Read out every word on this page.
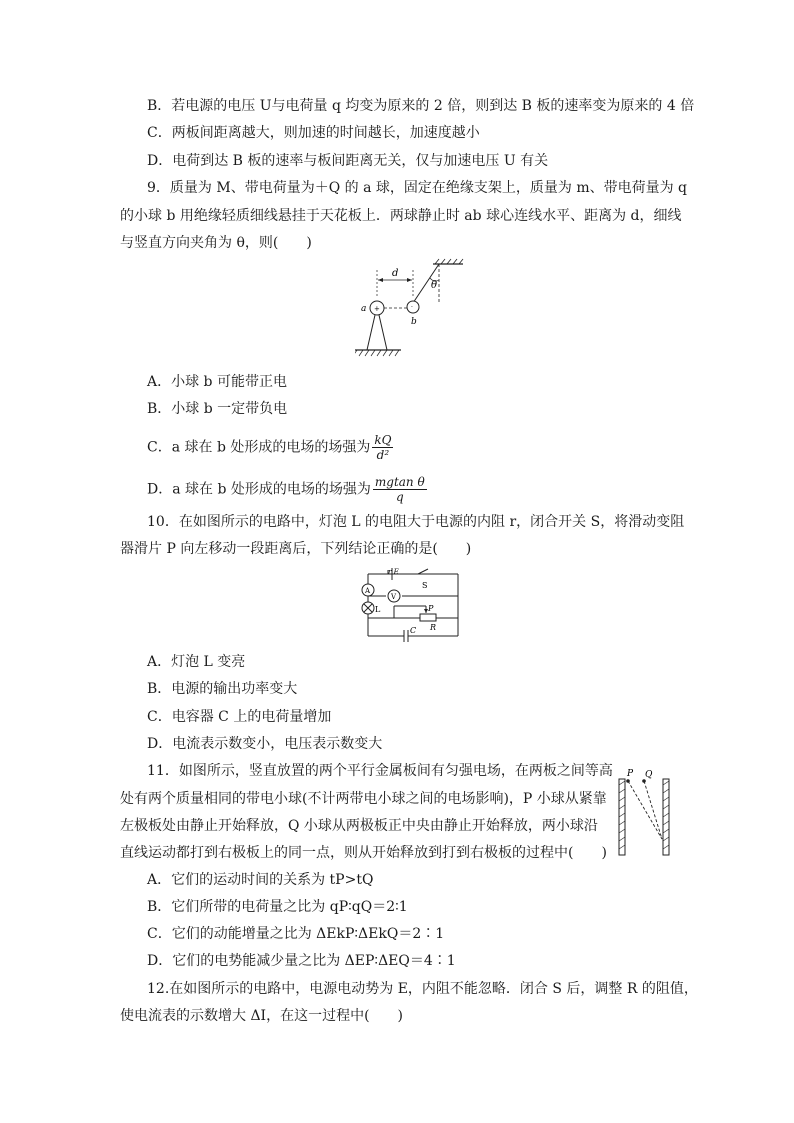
B．若电源的电压 U与电荷量 q 均变为原来的 2 倍，则到达 B 板的速率变为原来的 4 倍
C．两板间距离越大，则加速的时间越长，加速度越小
D．电荷到达 B 板的速率与板间距离无关，仅与加速电压 U 有关
9．质量为 M、带电荷量为＋Q 的 a 球，固定在绝缘支架上，质量为 m、带电荷量为 q
的小球 b 用绝缘轻质细线悬挂于天花板上．两球静止时 ab 球心连线水平、距离为 d，细线
与竖直方向夹角为 θ，则(　　)
θ
d
+	·
a
b
A．小球 b 可能带正电
B．小球 b 一定带负电
C．a 球在 b 处形成的电场的场强为 $\frac{kQ}{\text{d²}}$
D．a 球在 b 处形成的电场的场强为 $\frac{\text{mgtan θ}}{q}$
10．在如图所示的电路中，灯泡 L 的电阻大于电源的内阻 r，闭合开关 S，将滑动变阻
器滑片 P 向左移动一段距离后，下列结论正确的是(　　)
r E
S
A
V
L	P
R
C
A．灯泡 L 变亮
B．电源的输出功率变大
C．电容器 C 上的电荷量增加
D．电流表示数变小，电压表示数变大
11．如图所示，竖直放置的两个平行金属板间有匀强电场，在两板之间等高
处有两个质量相同的带电小球(不计两带电小球之间的电场影响)，P 小球从紧靠
左极板处由静止开始释放，Q 小球从两极板正中央由静止开始释放，两小球沿
直线运动都打到右极板上的同一点，则从开始释放到打到右极板的过程中(　　)
P Q
A．它们的运动时间的关系为 tP>tQ
B．它们所带的电荷量之比为 qP∶qQ＝2∶1
C．它们的动能增量之比为 ΔEkP∶ΔEkQ＝2∶1
D．它们的电势能减少量之比为 ΔEP∶ΔEQ＝4∶1
12.在如图所示的电路中，电源电动势为 E，内阻不能忽略．闭合 S 后，调整 R 的阻值，
使电流表的示数增大 ΔI，在这一过程中(　　)
